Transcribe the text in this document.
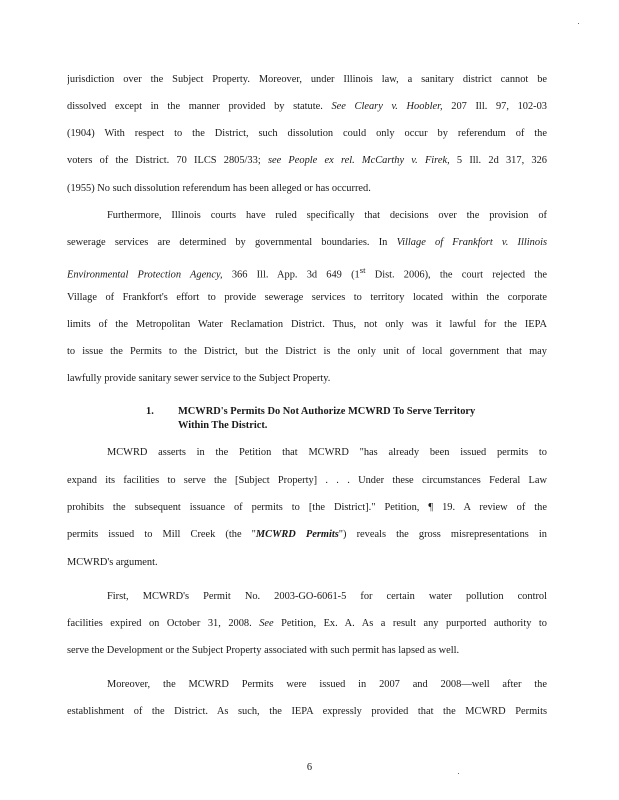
jurisdiction over the Subject Property. Moreover, under Illinois law, a sanitary district cannot be

dissolved except in the manner provided by statute. See Cleary v. Hoobler, 207 Ill. 97, 102-03

(1904) With respect to the District, such dissolution could only occur by referendum of the

voters of the District. 70 ILCS 2805/33; see People ex rel. McCarthy v. Firek, 5 Ill. 2d 317, 326

(1955) No such dissolution referendum has been alleged or has occurred.

Furthermore, Illinois courts have ruled specifically that decisions over the provision of

sewerage services are determined by governmental boundaries. In Village of Frankfort v. Illinois

Environmental Protection Agency, 366 Ill. App. 3d 649 (1st Dist. 2006), the court rejected the

Village of Frankfort's effort to provide sewerage services to territory located within the corporate

limits of the Metropolitan Water Reclamation District. Thus, not only was it lawful for the IEPA

to issue the Permits to the District, but the District is the only unit of local government that may

lawfully provide sanitary sewer service to the Subject Property.

1. MCWRD's Permits Do Not Authorize MCWRD To Serve Territory

Within The District.

MCWRD asserts in the Petition that MCWRD "has already been issued permits to

expand its facilities to serve the [Subject Property] . . . Under these circumstances Federal Law

prohibits the subsequent issuance of permits to [the District]." Petition, ¶ 19. A review of the

permits issued to Mill Creek (the "MCWRD Permits") reveals the gross misrepresentations in

MCWRD's argument.

First, MCWRD's Permit No. 2003-GO-6061-5 for certain water pollution control

facilities expired on October 31, 2008. See Petition, Ex. A. As a result any purported authority to

serve the Development or the Subject Property associated with such permit has lapsed as well.

Moreover, the MCWRD Permits were issued in 2007 and 2008—well after the

establishment of the District. As such, the IEPA expressly provided that the MCWRD Permits

6
